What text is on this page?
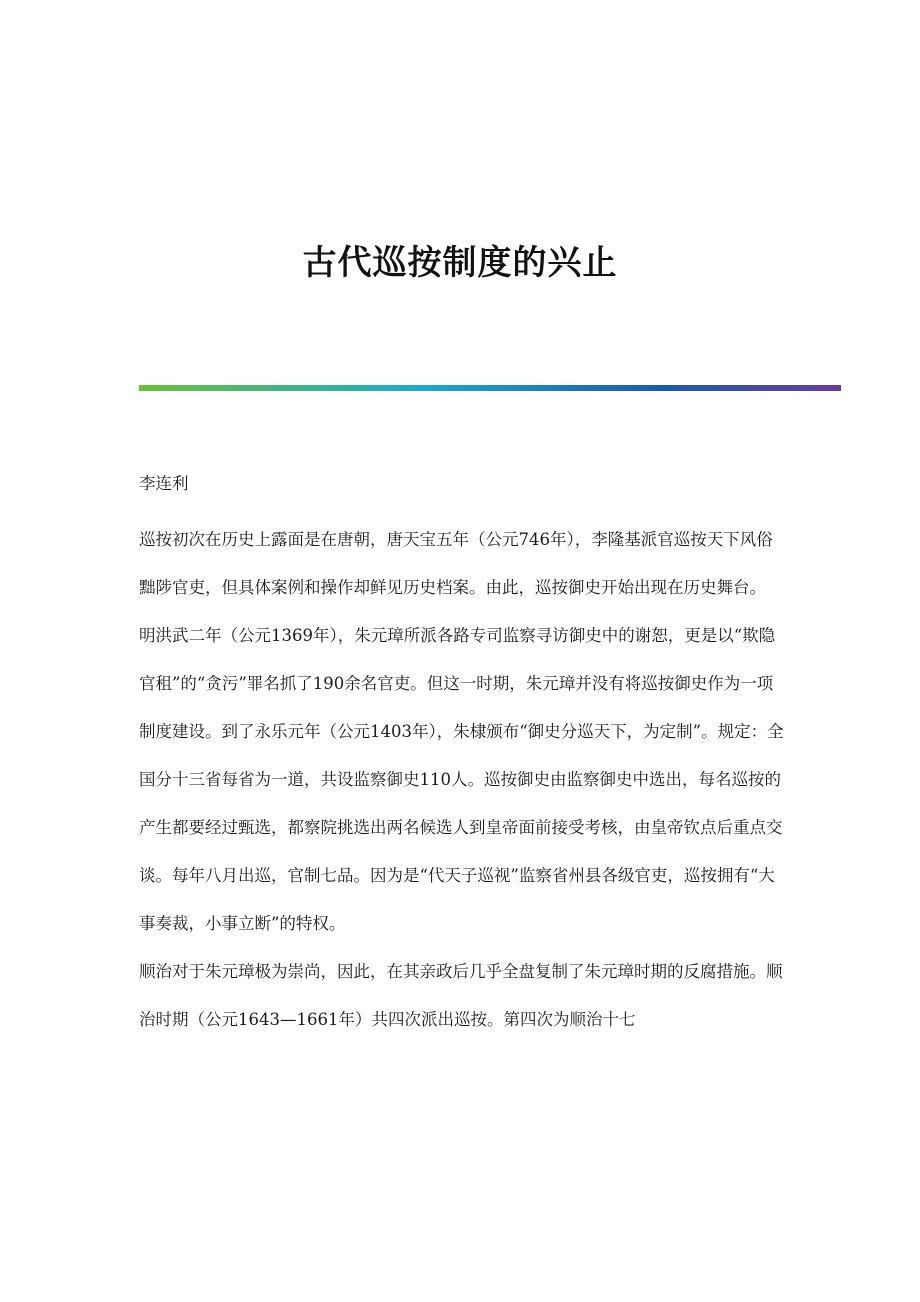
古代巡按制度的兴止

李连利

巡按初次在历史上露面是在唐朝，唐天宝五年（公元746年），李隆基派官巡按天下风俗黜陟官吏，但具体案例和操作却鲜见历史档案。由此，巡按御史开始出现在历史舞台。

明洪武二年（公元1369年），朱元璋所派各路专司监察寻访御史中的谢恕，更是以“欺隐官租”的“贪污”罪名抓了190余名官吏。但这一时期，朱元璋并没有将巡按御史作为一项制度建设。到了永乐元年（公元1403年），朱棣颁布“御史分巡天下，为定制”。规定：全国分十三省每省为一道，共设监察御史110人。巡按御史由监察御史中选出，每名巡按的产生都要经过甄选，都察院挑选出两名候选人到皇帝面前接受考核，由皇帝钦点后重点交谈。每年八月出巡，官制七品。因为是“代天子巡视”监察省州县各级官吏，巡按拥有“大事奏裁，小事立断”的特权。

顺治对于朱元璋极为崇尚，因此，在其亲政后几乎全盘复制了朱元璋时期的反腐措施。顺治时期（公元1643—1661年）共四次派出巡按。第四次为顺治十七
